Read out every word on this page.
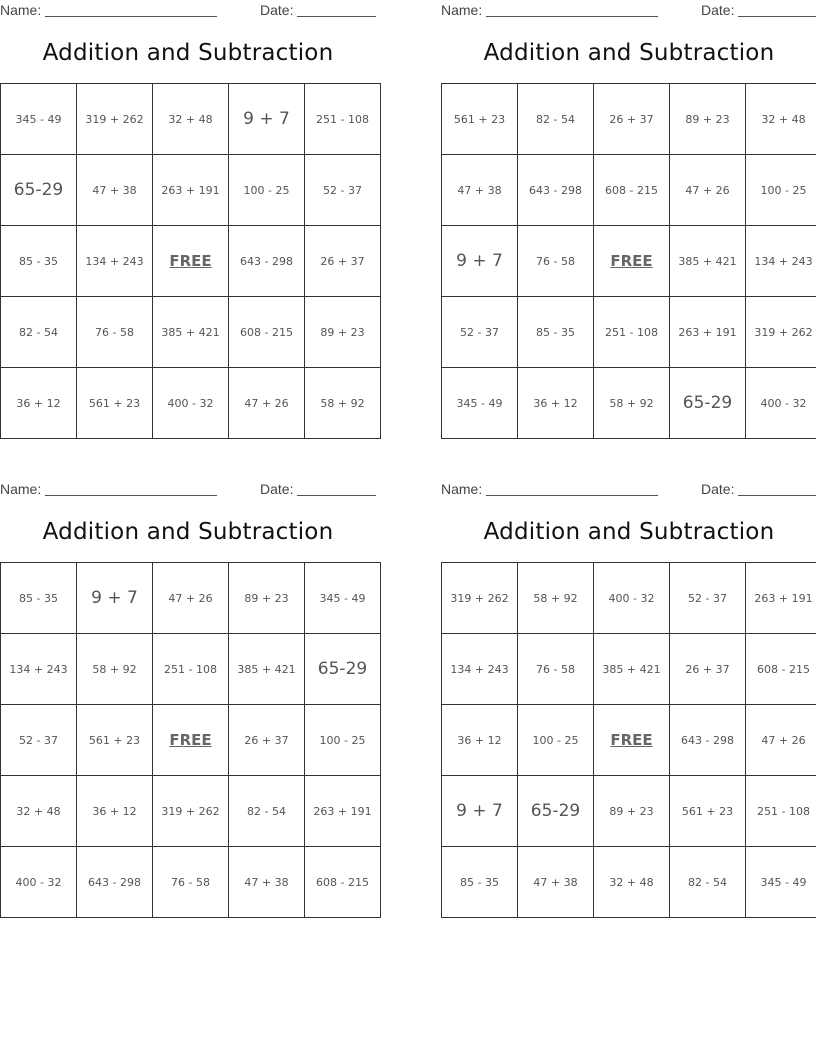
Name:	Date:
Addition and Subtraction
345 - 49	319 + 262	32 + 48	9 + 7	251 - 108
65-29	47 + 38	263 + 191	100 - 25	52 - 37
85 - 35	134 + 243	FREE	643 - 298	26 + 37
82 - 54	76 - 58	385 + 421	608 - 215	89 + 23
36 + 12	561 + 23	400 - 32	47 + 26	58 + 92
Name:	Date:
Addition and Subtraction
561 + 23	82 - 54	26 + 37	89 + 23	32 + 48
47 + 38	643 - 298	608 - 215	47 + 26	100 - 25
9 + 7	76 - 58	FREE	385 + 421	134 + 243
52 - 37	85 - 35	251 - 108	263 + 191	319 + 262
345 - 49	36 + 12	58 + 92	65-29	400 - 32
Name:	Date:
Addition and Subtraction
85 - 35	9 + 7	47 + 26	89 + 23	345 - 49
134 + 243	58 + 92	251 - 108	385 + 421	65-29
52 - 37	561 + 23	FREE	26 + 37	100 - 25
32 + 48	36 + 12	319 + 262	82 - 54	263 + 191
400 - 32	643 - 298	76 - 58	47 + 38	608 - 215
Name:	Date:
Addition and Subtraction
319 + 262	58 + 92	400 - 32	52 - 37	263 + 191
134 + 243	76 - 58	385 + 421	26 + 37	608 - 215
36 + 12	100 - 25	FREE	643 - 298	47 + 26
9 + 7	65-29	89 + 23	561 + 23	251 - 108
85 - 35	47 + 38	32 + 48	82 - 54	345 - 49
